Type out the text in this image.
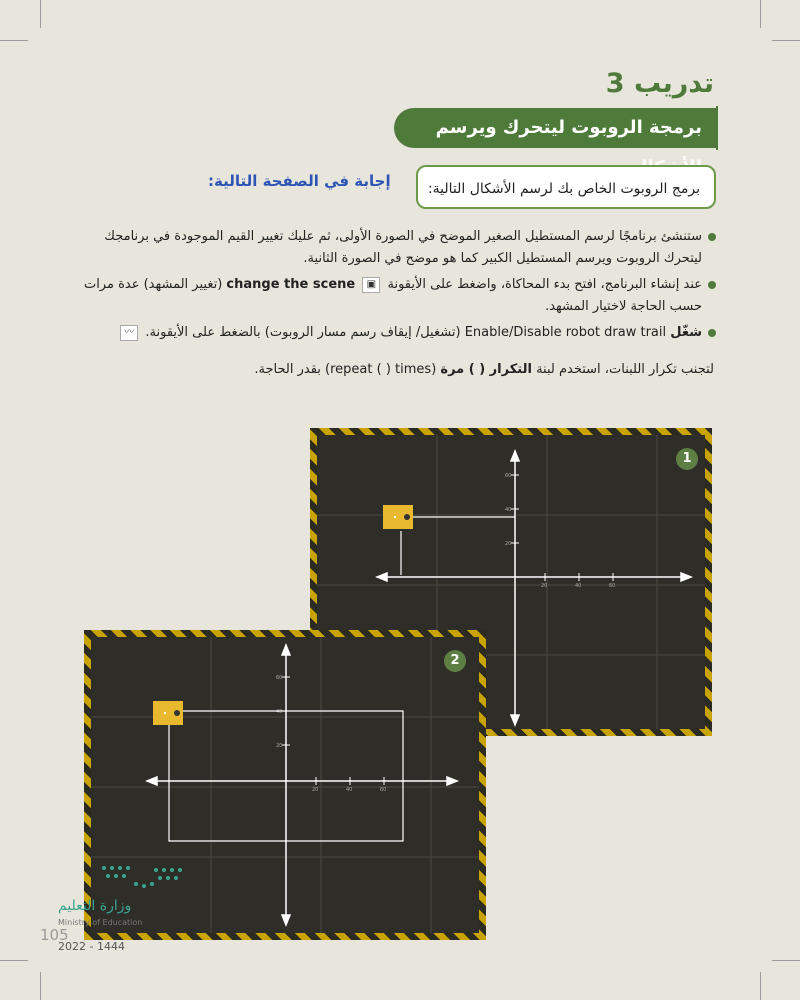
تدريب 3
برمجة الروبوت ليتحرك ويرسم
برمج الروبوت الخاص بك لرسم الأشكال التالية:
إجابة في الصفحة التالية:
ستنشئ برنامجًا لرسم المستطيل الصغير الموضح في الصورة الأولى، ثم عليك تغيير القيم الموجودة في برنامجك ليتحرك الروبوت ويرسم المستطيل الكبير كما هو موضح في الصورة الثانية.
عند إنشاء البرنامج، افتح بدء المحاكاة، واضغط على الأيقونة ▣ change the scene (تغيير المشهد) عدة مرات حسب الحاجة لاختيار المشهد.
شغّل Enable/Disable robot draw trail (تشغيل/ إيقاف رسم مسار الروبوت) بالضغط على الأيقونة. 〰
لتجنب تكرار اللبنات، استخدم لبنة التكرار ( ) مرة (repeat ( ) times) بقدر الحاجة.
60
40
20
20	40	60
1
60
40
20
20	40	60
2
وزارة التعليم
Ministry of Education
105
2022 - 1444
